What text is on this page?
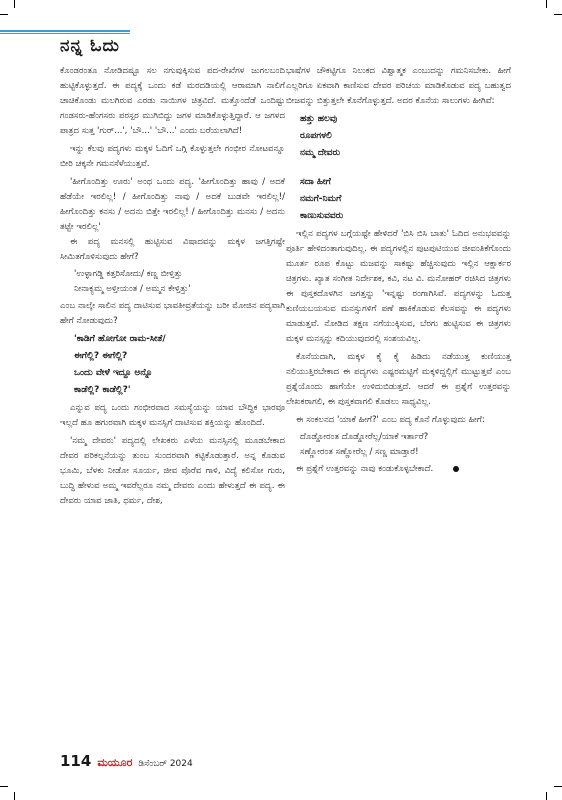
ನನ್ನ ಓದು

ಕೊಂಡರಂತೂ ನೋಡಿದಷ್ಟೂ ಸಲ ನಗುವುಕ್ಕಿಸುವ ಪದ-ರೇಖೆಗಳ ಜುಗಲಬಂದಿ ಹುಟ್ಟಿಕೊಳ್ಳುತ್ತದೆ. ಈ ಪದ್ಯಕ್ಕೆ ಒಂದು ಕಡೆ ಮರದಡಿಯಲ್ಲಿ ಆರಾಮಾಗಿ ನಾಲಿಗೆ ಚಾಚಿಕೊಂಡು ಮಲಗಿರುವ ಎರಡು ನಾಯಿಗಳ ಚಿತ್ರವಿದೆ. ಮತ್ತೊಂದೆಡೆ ಒಂದಿಷ್ಟು ಗಂಡಸರು-ಹೆಂಗಸರು ಪರಸ್ಪರ ಮುಗಿಬಿದ್ದು ಜಗಳ ಮಾಡಿಕೊಳ್ಳುತ್ತಿದ್ದಾರೆ. ಆ ಜಗಳದ ಪಾತ್ರದ ಸುತ್ತ 'ಗುರ್...', 'ಬೌ...' 'ಬೌ...' ಎಂದು ಬರೆಯಲಾಗಿದೆ!

ಇನ್ನು ಕೆಲವು ಪದ್ಯಗಳು ಮಕ್ಕಳ ಓದಿಗೆ ಒಗ್ಗಿ ಕೊಳ್ಳುತ್ತಲೇ ಗಂಭೀರ ನೋಟವನ್ನೂ ಬೀರಿ ಚಕ್ಕನೇ ಗಮನಸೆಳೆಯುತ್ತವೆ.

'ಹೀಗೊಂದಿತ್ತು ಊರು' ಅಂಥ ಒಂದು ಪದ್ಯ. 'ಹೀಗೊಂದಿತ್ತು ಹಾವು / ಅದಕೆ ಹೆಡೆಯೇ ಇರಲಿಲ್ಲ! / ಹೀಗೊಂದಿತ್ತು ನಾವು / ಅದಕೆ ಬುಡವೇ ಇರಲಿಲ್ಲ!/ ಹೀಗೊಂದಿತ್ತು ಕನಸು / ಅದನು ಬಿತ್ತೇ ಇರಲಿಲ್ಲ! / ಹೀಗೊಂದಿತ್ತು ಮನಸು / ಅದನು ತಟ್ಟೇ ಇರಲಿಲ್ಲ'

ಈ ಪದ್ಯ ಮನಸಲ್ಲಿ ಹುಟ್ಟಿಸುವ ವಿಷಾದವನ್ನು ಮಕ್ಕಳ ಜಗತ್ತಿಗಷ್ಟೇ ಸೀಮಿತಗೊಳಿಸುವುದು ಹೇಗೆ?

'ಉಳ್ಳಾಗಡ್ಡಿ ಕತ್ತರಿಸೋದು/ ಕಣ್ಣ ಬೀಳ್ತಿತ್ತು
ನೀನಾಕ್ಯಮ್ಮ ಅಳ್ತೀಯಂತ / ಅಮ್ಮನ ಕೇಳ್ತಿತ್ತು'

ಎಂಬ ನಾಲ್ಕೇ ಸಾಲಿನ ಪದ್ಯ ದಾಟಿಸುವ ಭಾವತೀವ್ರತೆಯನ್ನು ಬರೀ ಮೋಜಿನ ಪದ್ಯವಾಗಿ ಹೇಗೆ ನೋಡುವುದು?

'ಕಾಡಿಗೆ ಹೋಗೋ ರಾಮ-ಸೀತೆ/
ಈಗೆಲ್ಲಿ? ಈಗೆಲ್ಲಿ?
ಒಂದು ವೇಳೆ ಇದ್ದೂ ಅನ್ನೊ
ಕಾಡೆಲ್ಲಿ? ಕಾಡೆಲ್ಲಿ?'

ಎನ್ನುವ ಪದ್ಯ ಒಂದು ಗಂಭೀರವಾದ ಸಮಸ್ಯೆಯನ್ನು ಯಾವ ಬೌದ್ಧಿಕ ಭಾರವೂ ಇಲ್ಲದೆ ಹೂ ಹಗುರವಾಗಿ ಮಕ್ಕಳ ಮನಸ್ಸಿಗೆ ದಾಟಿಸುವ ಶಕ್ತಿಯನ್ನು ಹೊಂದಿದೆ.

'ನಮ್ಮ ದೇವರು' ಪದ್ಯದಲ್ಲಿ ಲೇಖಕರು ಎಳೆಯ ಮನಸ್ಸಿನಲ್ಲಿ ಮೂಡಬೇಕಾದ ದೇವರ ಪರಿಕಲ್ಪನೆಯನ್ನು ತುಂಬ ಸುಂದರವಾಗಿ ಕಟ್ಟಿಕೊಡುತ್ತಾರೆ. ಅನ್ನ ಕೊಡುವ ಭೂಮಿ, ಬೆಳಕು ನೀಡೋ ಸೂರ್ಯ, ಜೀವ ಪೊರೆವ ಗಾಳಿ, ವಿದ್ಯೆ ಕಲಿಸೋ ಗುರು, ಬುದ್ಧಿ ಹೇಳುವ ಅಮ್ಮ ಇವರೆಲ್ಲರೂ ನಮ್ಮ ದೇವರು ಎಂದು ಹೇಳುತ್ತದೆ ಈ ಪದ್ಯ. ಈ ದೇವರು ಯಾವ ಜಾತಿ, ಧರ್ಮ, ದೇಶ,

ಭಾಷೆಗಳ ಚೌಕಟ್ಟಿಗೂ ನಿಲುಕದ ವಿಶ್ವಾತ್ಮಕ ಎಂಬುದನ್ನು ಗಮನಿಸಬೇಕು. ಹೀಗೆ ಎಲ್ಲರಿಗೂ ಏಕವಾಗಿ ಕಾಣಿಸುವ ದೇವರ ಪರಿಚಯ ಮಾಡಿಕೊಡುವ ಪದ್ಯ ಬಹುತ್ವದ ಬೀಜವನ್ನು ಬಿತ್ತುತ್ತಲೇ ಕೊನೆಗೊಳ್ಳುತ್ತದೆ. ಅದರ ಕೊನೆಯ ಸಾಲುಗಳು ಹೀಗಿವೆ:

ಹತ್ತು ಹಲವು
ರೂಪಗಳಲಿ
ನಮ್ಮ ದೇವರು
ಸದಾ ಹೀಗೆ
ನಮಗೆ-ನಿಮಗೆ
ಕಾಣುಸುವವರು

ಇಲ್ಲಿನ ಪದ್ಯಗಳ ಬಗ್ಗೆಯಷ್ಟೇ ಹೇಳಿದರೆ 'ಬಿಸಿ ಬಿಸಿ ಬಾತು' ಓದಿದ ಅನುಭವವನ್ನು ಪೂರ್ತಿ ಹೇಳಿದಂತಾಗುವುದಿಲ್ಲ. ಈ ಪದ್ಯಗಳಲ್ಲಿನ ಪುಟಪುಟಿಯುವ ಜೀವಂತಿಕೆಗೊಂದು ಮೂರ್ತ ರೂಪ ಕೊಟ್ಟು ಮಜವನ್ನು ಸಾಕಷ್ಟು ಹೆಚ್ಚಿಸುವುದು ಇಲ್ಲಿನ ಆಕ್ಷಾರ್ಕರ ಚಿತ್ರಗಳು. ಖ್ಯಾತ ಸಂಗೀತ ನಿರ್ದೇಶಕ, ಕವಿ, ನಟ ವಿ. ಮನೋಹರ್ ರಚಿಸಿದ ಚಿತ್ರಗಳು ಈ ಪುಸ್ತಕದೊಳಗಿನ ಜಗತ್ತನ್ನು 'ಇನ್ನಷ್ಟು ರಂಗಾಗಿಸಿವೆ. ಪದ್ಯಗಳನ್ನು ಓದುತ್ತ ಕುಣಿಯಬಯಸುವ ಮನಸ್ಸುಗಳಿಗೆ ಪಣೆ ಹಾಕಿಕೊಡುವ ಕೆಲಸವನ್ನು ಈ ಪದ್ಯಗಳು ಮಾಡುತ್ತವೆ. ನೋಡಿದ ತಕ್ಷಣ ನಗೆಯುಕ್ಕಿಸುವ, ಬೆರಗು ಹುಟ್ಟಿಸುವ ಈ ಚಿತ್ರಗಳು ಮಕ್ಕಳ ಮನಸ್ಸನ್ನು ಕದಿಯುವುದರಲ್ಲಿ ಸಂಶಯವಿಲ್ಲ.

ಕೊನೆಯದಾಗಿ, ಮಕ್ಕಳ ಕೈ ಕೈ ಹಿಡಿದು ನಡೆಯುತ್ತ ಕುಣಿಯುತ್ತ ನಲಿಯುತ್ತಿರಬೇಕಾದ ಈ ಪದ್ಯಗಳು ಎಷ್ಟರಮಟ್ಟಿಗೆ ಮಕ್ಕಳಿದ್ದಲ್ಲಿಗೆ ಮುಟ್ಟುತ್ತವೆ ಎಂಬ ಪ್ರಶ್ನೆಯೊಂದು ಹಾಗೆಯೇ ಉಳಿದುಬಿಡುತ್ತದೆ. ಆದರೆ ಈ ಪ್ರಶ್ನೆಗೆ ಉತ್ತರವನ್ನು ಲೇಖಕರಾಗಲಿ, ಈ ಪುಸ್ತಕವಾಗಲಿ ಕೊಡಲು ಸಾಧ್ಯವಿಲ್ಲ.

ಈ ಸಂಕಲನದ 'ಯಾಕೆ ಹೀಗೆ?' ಎಂಬ ಪದ್ಯ ಕೊನೆ ಗೊಳ್ಳುವುದು ಹೀಗೆ:

ದೊಡ್ಡೋರಂತ ದೊಡ್ಡೋರೆಲ್ಲ/ಯಾಕೆ ಇರ್ತಾರೆ?
ಸಣ್ಣೋರಂತ ಸಣ್ಣೋರೆಲ್ಲ / ಸಣ್ಣ ಮಾಡ್ತಾರೆ!

ಈ ಪ್ರಶ್ನೆಗೆ ಉತ್ತರವನ್ನು ನಾವು ಕಂಡುಕೊಳ್ಳಬೇಕಾದೆ.

114 ಮಯೂರ ಡಿಸೆಂಬರ್ 2024
